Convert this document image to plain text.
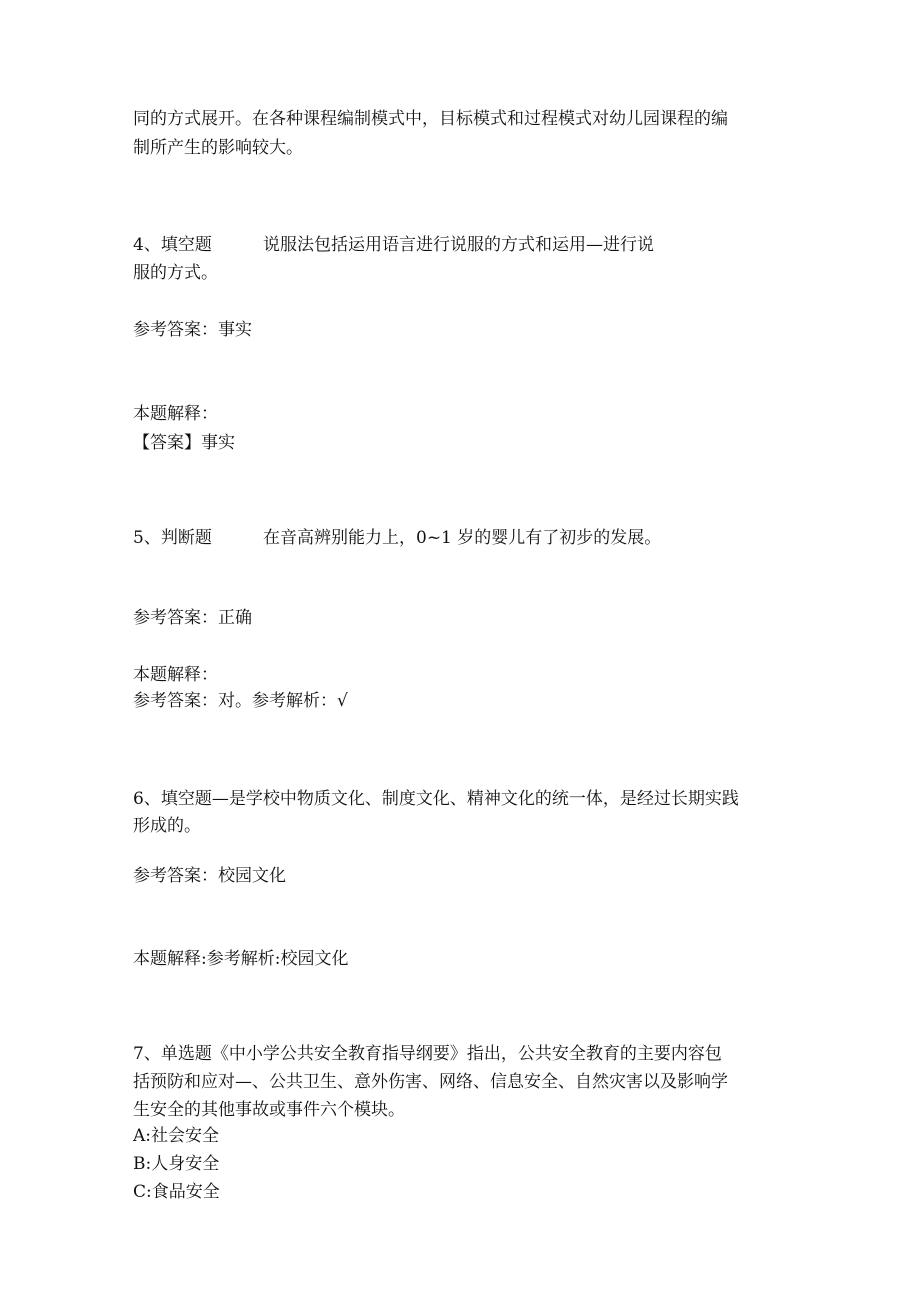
同的方式展开。在各种课程编制模式中，目标模式和过程模式对幼儿园课程的编
制所产生的影响较大。
4、填空题	说服法包括运用语言进行说服的方式和运用—进行说
服的方式。
参考答案：事实
本题解释：
【答案】事实
5、判断题	在音高辨别能力上，0~1 岁的婴儿有了初步的发展。
参考答案：正确
本题解释：
参考答案：对。参考解析：√
6、填空题—是学校中物质文化、制度文化、精神文化的统一体，是经过长期实践
形成的。
参考答案：校园文化
本题解释:参考解析:校园文化
7、单选题《中小学公共安全教育指导纲要》指出，公共安全教育的主要内容包
括预防和应对—、公共卫生、意外伤害、网络、信息安全、自然灾害以及影响学
生安全的其他事故或事件六个模块。
A:社会安全
B:人身安全
C:食品安全
